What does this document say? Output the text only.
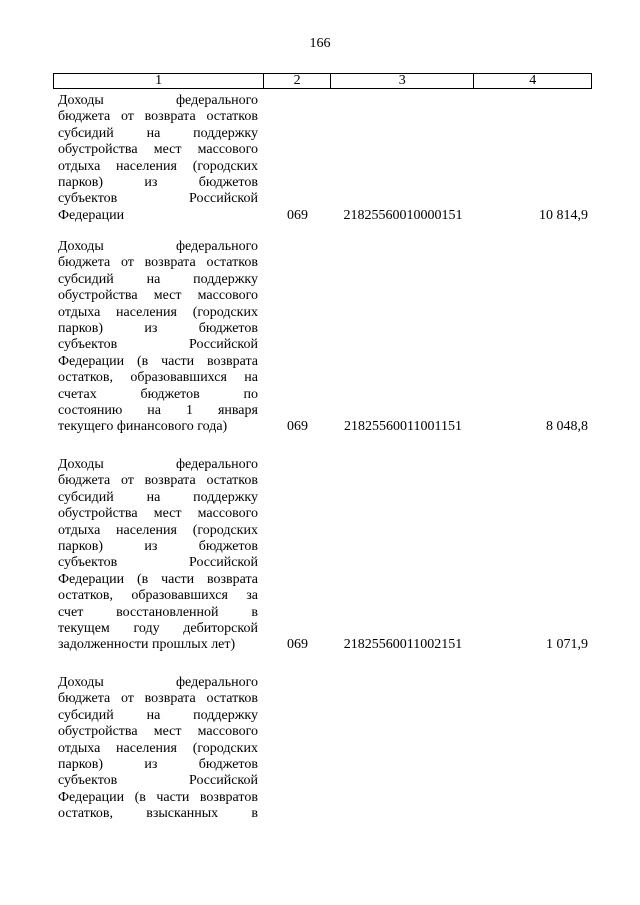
166
1	2	3	4
Доходы	федерального
бюджета от возврата остатков
субсидий на поддержку
обустройства мест массового
отдыха населения (городских
парков)	из	бюджетов
субъектов	Российской
Федерации	069	21825560010000151	10 814,9
Доходы	федерального
бюджета от возврата остатков
субсидий на поддержку
обустройства мест массового
отдыха населения (городских
парков)	из	бюджетов
субъектов	Российской
Федерации (в части возврата
остатков, образовавшихся на
счетах	бюджетов	по
состоянию на 1 января
текущего финансового года)	069	21825560011001151	8 048,8
Доходы	федерального
бюджета от возврата остатков
субсидий на поддержку
обустройства мест массового
отдыха населения (городских
парков)	из	бюджетов
субъектов	Российской
Федерации (в части возврата
остатков, образовавшихся за
счет восстановленной в
текущем году дебиторской
задолженности прошлых лет)	069	21825560011002151	1 071,9
Доходы	федерального
бюджета от возврата остатков
субсидий на поддержку
обустройства мест массового
отдыха населения (городских
парков)	из	бюджетов
субъектов	Российской
Федерации (в части возвратов
остатков, взысканных в
